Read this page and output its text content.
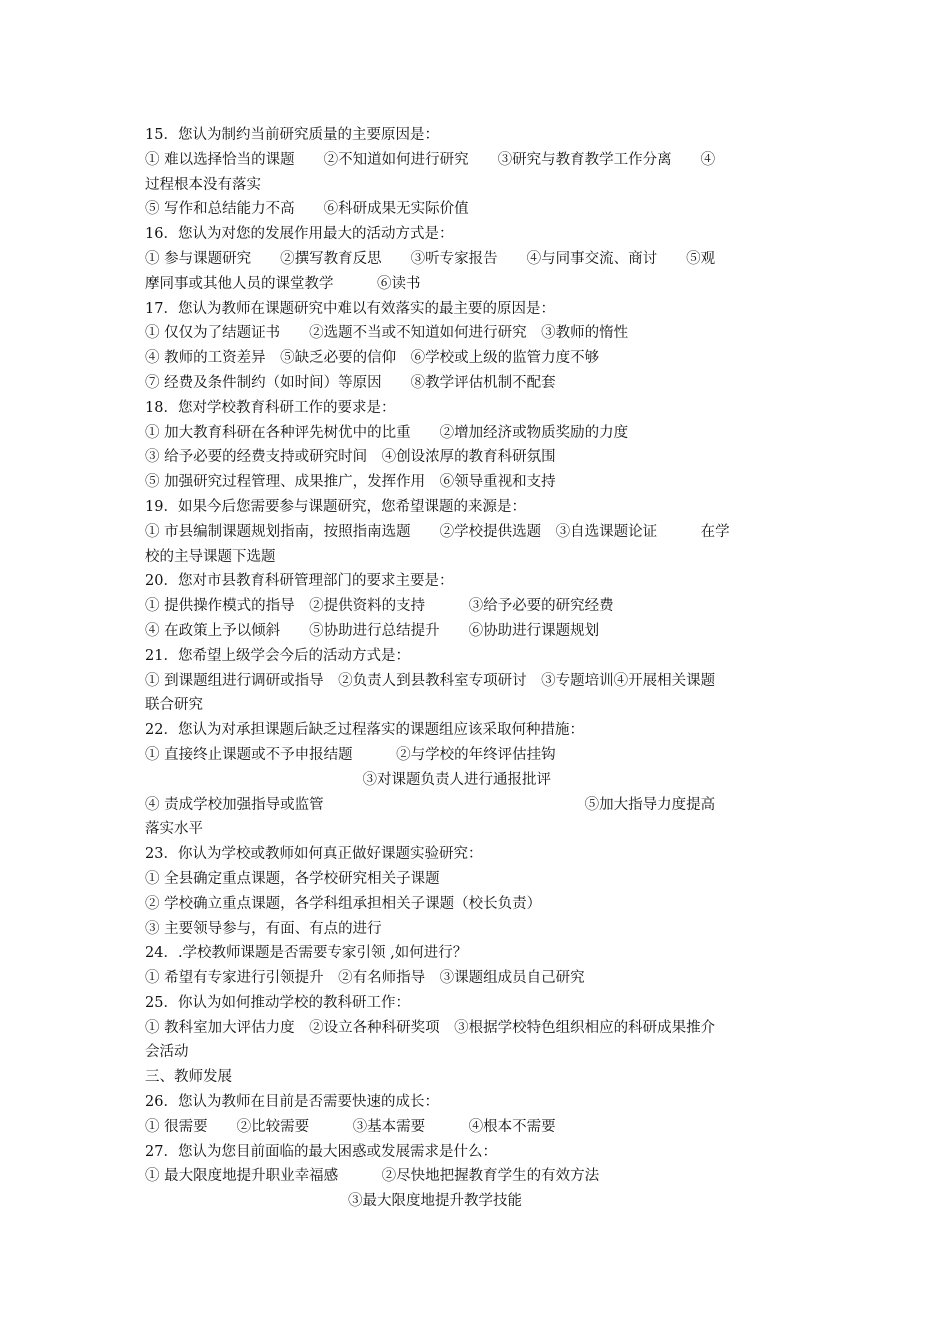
15．您认为制约当前研究质量的主要原因是：
① 难以选择恰当的课题　　②不知道如何进行研究　　③研究与教育教学工作分离　　④
过程根本没有落实
⑤ 写作和总结能力不高　　⑥科研成果无实际价值
16．您认为对您的发展作用最大的活动方式是：
① 参与课题研究　　②撰写教育反思　　③听专家报告　　④与同事交流、商讨　　⑤观
摩同事或其他人员的课堂教学　　　⑥读书
17．您认为教师在课题研究中难以有效落实的最主要的原因是：
① 仅仅为了结题证书　　②选题不当或不知道如何进行研究　③教师的惰性
④ 教师的工资差异　⑤缺乏必要的信仰　⑥学校或上级的监管力度不够
⑦ 经费及条件制约（如时间）等原因　　⑧教学评估机制不配套
18．您对学校教育科研工作的要求是：
① 加大教育科研在各种评先树优中的比重　　②增加经济或物质奖励的力度
③ 给予必要的经费支持或研究时间　④创设浓厚的教育科研氛围
⑤ 加强研究过程管理、成果推广，发挥作用　⑥领导重视和支持
19．如果今后您需要参与课题研究，您希望课题的来源是：
① 市县编制课题规划指南，按照指南选题　　②学校提供选题　③自选课题论证　　　在学
校的主导课题下选题
20．您对市县教育科研管理部门的要求主要是：
① 提供操作模式的指导　②提供资料的支持　　　③给予必要的研究经费
④ 在政策上予以倾斜　　⑤协助进行总结提升　　⑥协助进行课题规划
21．您希望上级学会今后的活动方式是：
① 到课题组进行调研或指导　②负责人到县教科室专项研讨　③专题培训④开展相关课题
联合研究
22．您认为对承担课题后缺乏过程落实的课题组应该采取何种措施：
① 直接终止课题或不予申报结题　　　②与学校的年终评估挂钩
　　　　　　　　　　　　　　　③对课题负责人进行通报批评
④ 责成学校加强指导或监管　　　　　　　　　　　　　　　　　　⑤加大指导力度提高
落实水平
23．你认为学校或教师如何真正做好课题实验研究：
① 全县确定重点课题，各学校研究相关子课题
② 学校确立重点课题，各学科组承担相关子课题（校长负责）
③ 主要领导参与，有面、有点的进行
24．.学校教师课题是否需要专家引领 ,如何进行？
① 希望有专家进行引领提升　②有名师指导　③课题组成员自己研究
25．你认为如何推动学校的教科研工作：
① 教科室加大评估力度　②设立各种科研奖项　③根据学校特色组织相应的科研成果推介
会活动
三、教师发展
26．您认为教师在目前是否需要快速的成长：
① 很需要　　②比较需要　　　③基本需要　　　④根本不需要
27．您认为您目前面临的最大困惑或发展需求是什么：
① 最大限度地提升职业幸福感　　　②尽快地把握教育学生的有效方法
　　　　　　　　　　　　　　③最大限度地提升教学技能
